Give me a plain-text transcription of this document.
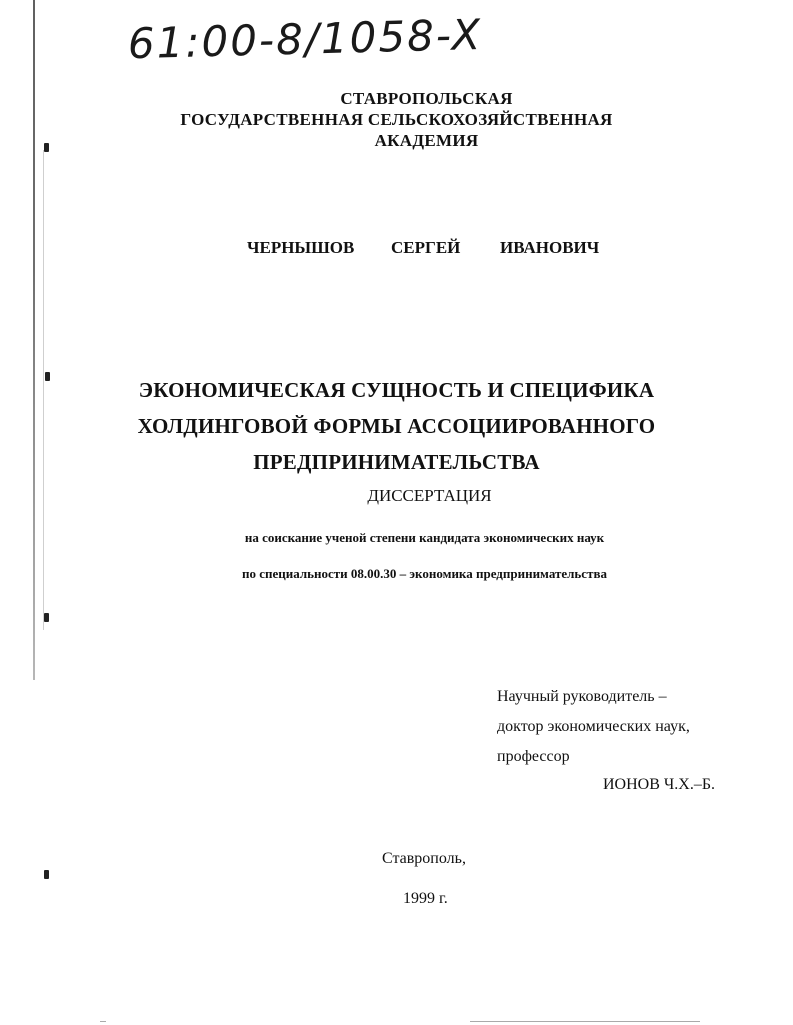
61:00-8/1058-X
СТАВРОПОЛЬСКАЯ
ГОСУДАРСТВЕННАЯ СЕЛЬСКОХОЗЯЙСТВЕННАЯ
АКАДЕМИЯ
ЧЕРНЫШОВ СЕРГЕЙ ИВАНОВИЧ
ЭКОНОМИЧЕСКАЯ СУЩНОСТЬ И СПЕЦИФИКА
ХОЛДИНГОВОЙ ФОРМЫ АССОЦИИРОВАННОГО
ПРЕДПРИНИМАТЕЛЬСТВА
ДИССЕРТАЦИЯ
на соискание ученой степени кандидата экономических наук
по специальности 08.00.30 – экономика предпринимательства
Научный руководитель –
доктор экономических наук,
профессор
ИОНОВ Ч.Х.–Б.
Ставрополь,
1999 г.
